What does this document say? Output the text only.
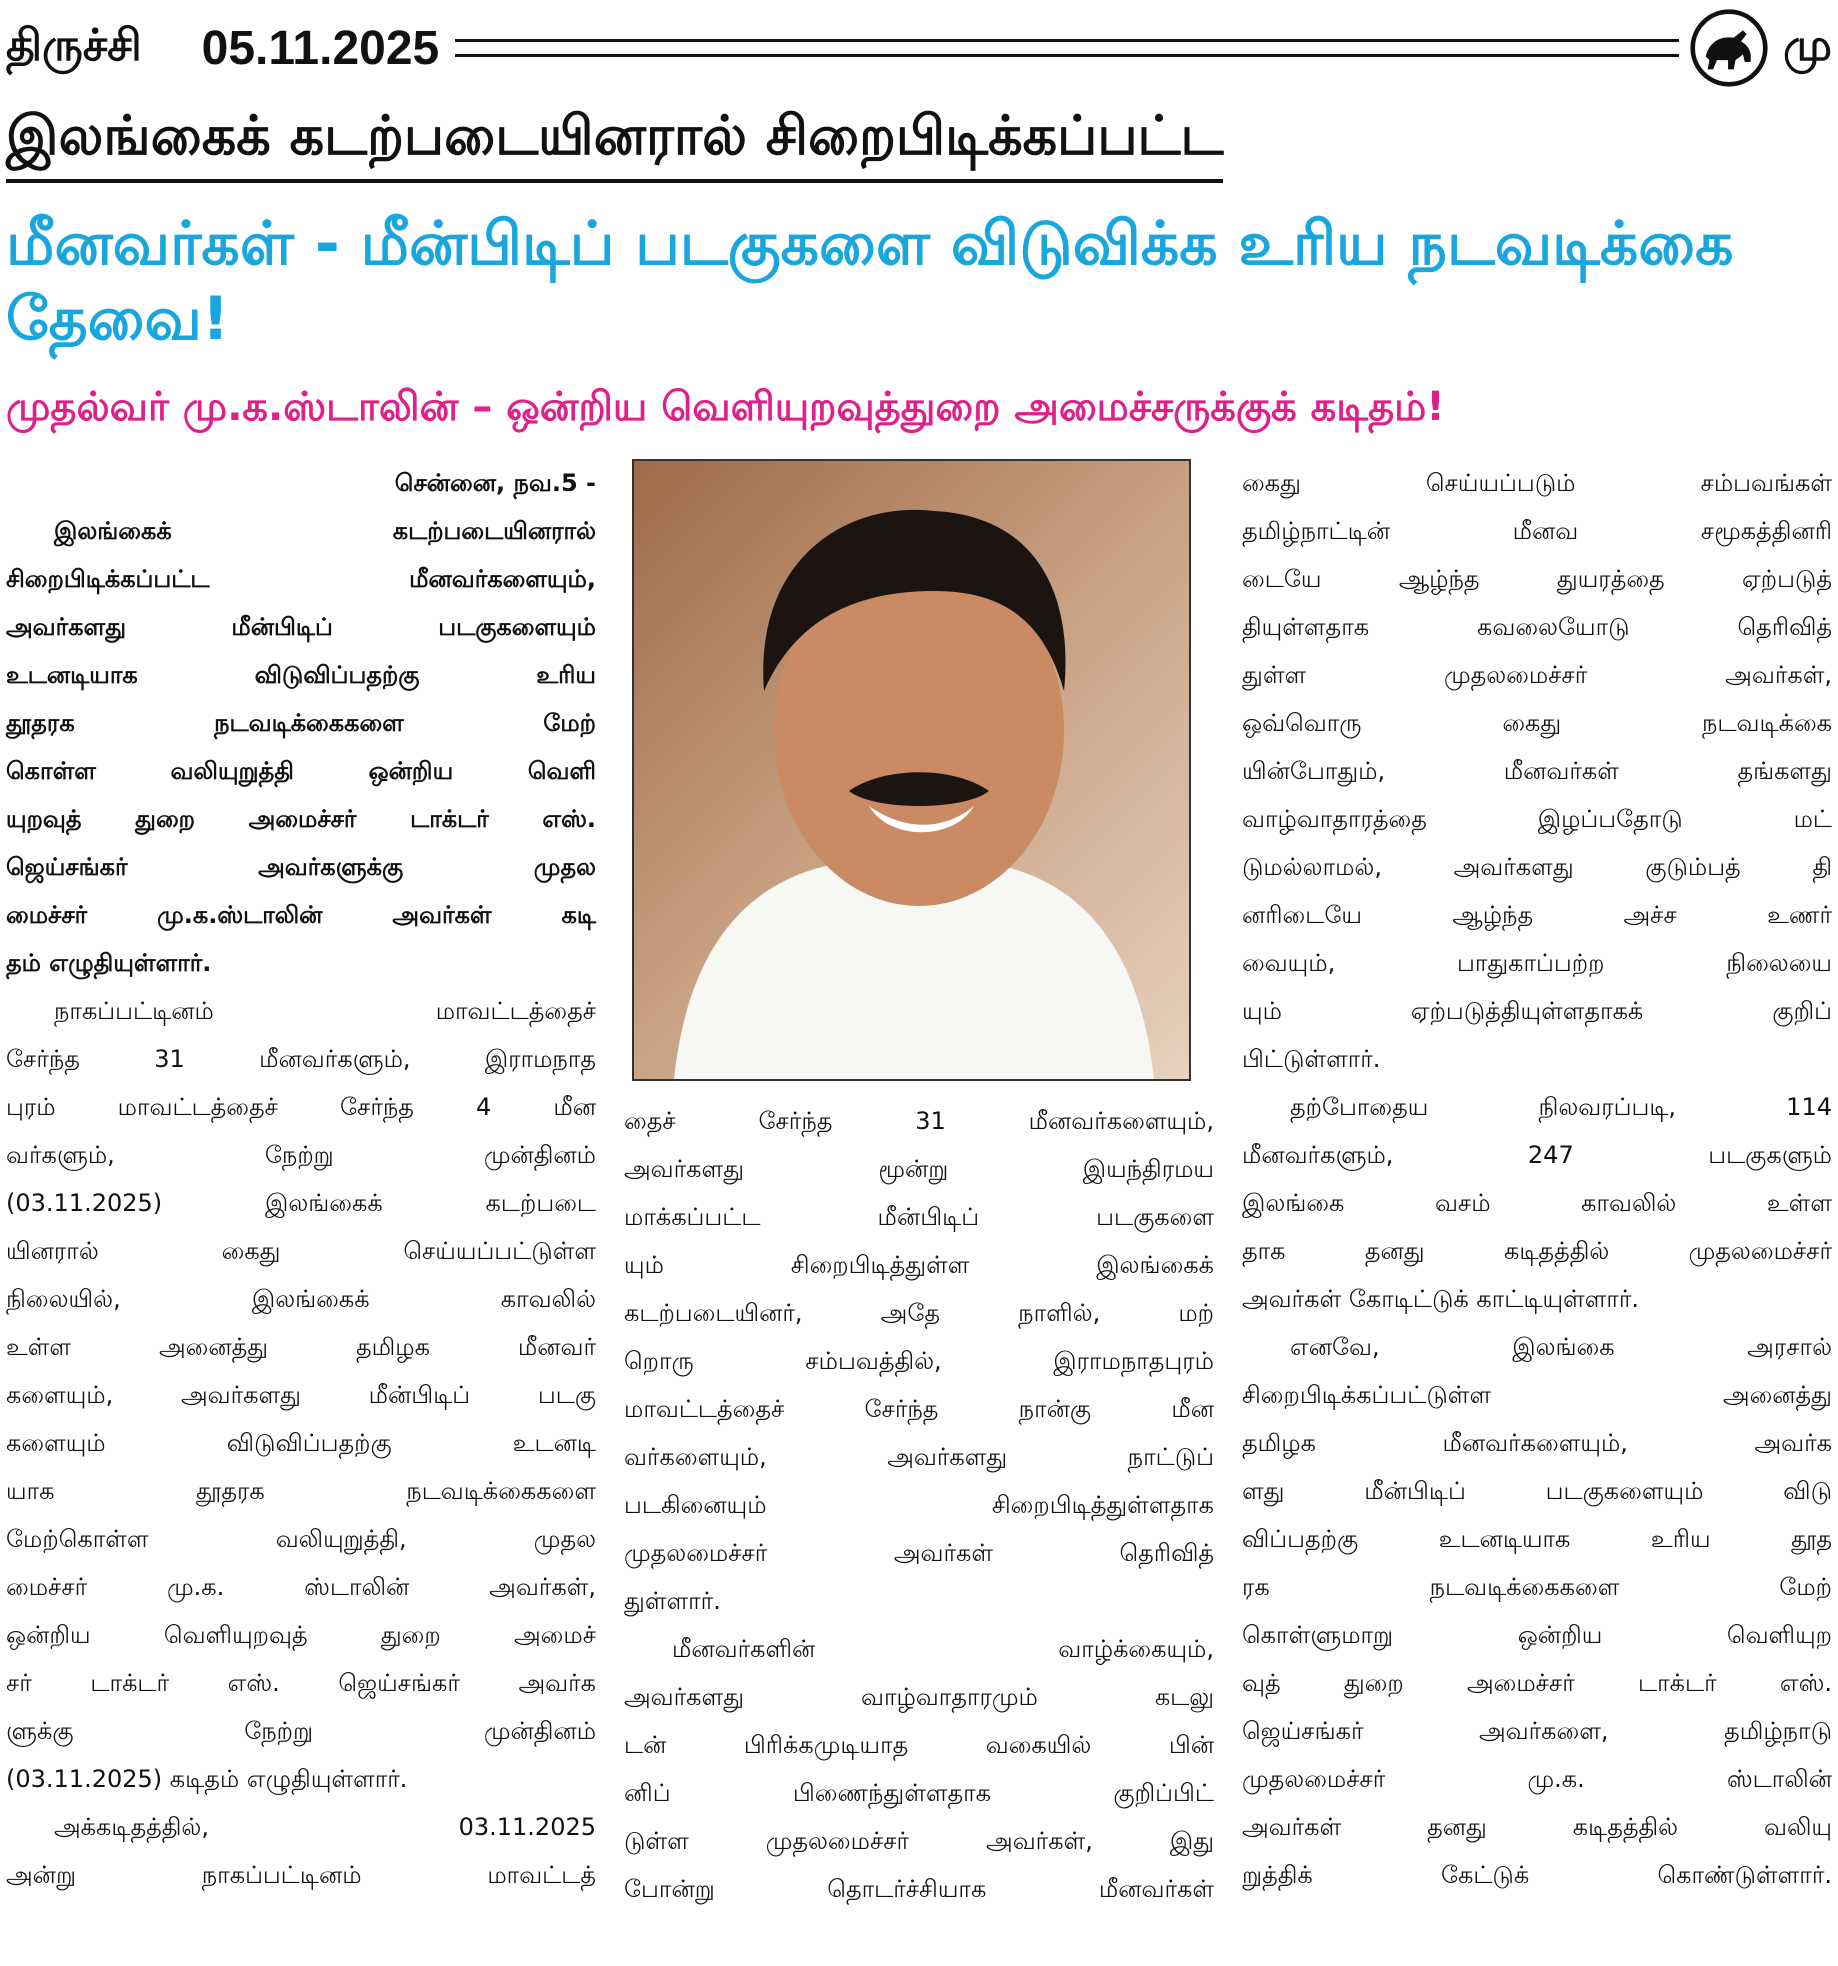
திருச்சி 05.11.2025	மு
இலங்கைக் கடற்படையினரால் சிறைபிடிக்கப்பட்ட
மீனவர்கள் - மீன்பிடிப் படகுகளை விடுவிக்க உரிய நடவடிக்கை தேவை!
முதல்வர் மு.க.ஸ்டாலின் – ஒன்றிய வெளியுறவுத்துறை அமைச்சருக்குக் கடிதம்!
சென்னை, நவ.5 -
இலங்கைக் கடற்படையினரால்
சிறைபிடிக்கப்பட்ட மீனவர்களையும்,
அவர்களது மீன்பிடிப் படகுகளையும்
உடனடியாக விடுவிப்பதற்கு உரிய
தூதரக நடவடிக்கைகளை மேற்
கொள்ள வலியுறுத்தி ஒன்றிய வெளி
யுறவுத் துறை அமைச்சர் டாக்டர் எஸ்.
ஜெய்சங்கர் அவர்களுக்கு முதல
மைச்சர் மு.க.ஸ்டாலின் அவர்கள் கடி
தம் எழுதியுள்ளார்.
நாகப்பட்டினம் மாவட்டத்தைச்
சேர்ந்த 31 மீனவர்களும், இராமநாத
புரம் மாவட்டத்தைச் சேர்ந்த 4 மீன
வர்களும், நேற்று முன்தினம்
(03.11.2025) இலங்கைக் கடற்படை
யினரால் கைது செய்யப்பட்டுள்ள
நிலையில், இலங்கைக் காவலில்
உள்ள அனைத்து தமிழக மீனவர்
களையும், அவர்களது மீன்பிடிப் படகு
களையும் விடுவிப்பதற்கு உடனடி
யாக தூதரக நடவடிக்கைகளை
மேற்கொள்ள வலியுறுத்தி, முதல
மைச்சர் மு.க. ஸ்டாலின் அவர்கள்,
ஒன்றிய வெளியுறவுத் துறை அமைச்
சர் டாக்டர் எஸ். ஜெய்சங்கர் அவர்க
ளுக்கு நேற்று முன்தினம்
(03.11.2025) கடிதம் எழுதியுள்ளார்.
அக்கடிதத்தில், 03.11.2025
அன்று நாகப்பட்டினம் மாவட்டத்
தைச் சேர்ந்த 31 மீனவர்களையும்,
அவர்களது மூன்று இயந்திரமய
மாக்கப்பட்ட மீன்பிடிப் படகுகளை
யும் சிறைபிடித்துள்ள இலங்கைக்
கடற்படையினர், அதே நாளில், மற்
றொரு சம்பவத்தில், இராமநாதபுரம்
மாவட்டத்தைச் சேர்ந்த நான்கு மீன
வர்களையும், அவர்களது நாட்டுப்
படகினையும் சிறைபிடித்துள்ளதாக
முதலமைச்சர் அவர்கள் தெரிவித்
துள்ளார்.
மீனவர்களின் வாழ்க்கையும்,
அவர்களது வாழ்வாதாரமும் கடலு
டன் பிரிக்கமுடியாத வகையில் பின்
னிப் பிணைந்துள்ளதாக குறிப்பிட்
டுள்ள முதலமைச்சர் அவர்கள், இது
போன்று தொடர்ச்சியாக மீனவர்கள்
கைது செய்யப்படும் சம்பவங்கள்
தமிழ்நாட்டின் மீனவ சமூகத்தினரி
டையே ஆழ்ந்த துயரத்தை ஏற்படுத்
தியுள்ளதாக கவலையோடு தெரிவித்
துள்ள முதலமைச்சர் அவர்கள்,
ஒவ்வொரு கைது நடவடிக்கை
யின்போதும், மீனவர்கள் தங்களது
வாழ்வாதாரத்தை இழப்பதோடு மட்
டுமல்லாமல், அவர்களது குடும்பத் தி
னரிடையே ஆழ்ந்த அச்ச உணர்
வையும், பாதுகாப்பற்ற நிலையை
யும் ஏற்படுத்தியுள்ளதாகக் குறிப்
பிட்டுள்ளார்.
தற்போதைய நிலவரப்படி, 114
மீனவர்களும், 247 படகுகளும்
இலங்கை வசம் காவலில் உள்ள
தாக தனது கடிதத்தில் முதலமைச்சர்
அவர்கள் கோடிட்டுக் காட்டியுள்ளார்.
எனவே, இலங்கை அரசால்
சிறைபிடிக்கப்பட்டுள்ள அனைத்து
தமிழக மீனவர்களையும், அவர்க
ளது மீன்பிடிப் படகுகளையும் விடு
விப்பதற்கு உடனடியாக உரிய தூத
ரக நடவடிக்கைகளை மேற்
கொள்ளுமாறு ஒன்றிய வெளியுற
வுத் துறை அமைச்சர் டாக்டர் எஸ்.
ஜெய்சங்கர் அவர்களை, தமிழ்நாடு
முதலமைச்சர் மு.க. ஸ்டாலின்
அவர்கள் தனது கடிதத்தில் வலியு
றுத்திக் கேட்டுக் கொண்டுள்ளார்.
